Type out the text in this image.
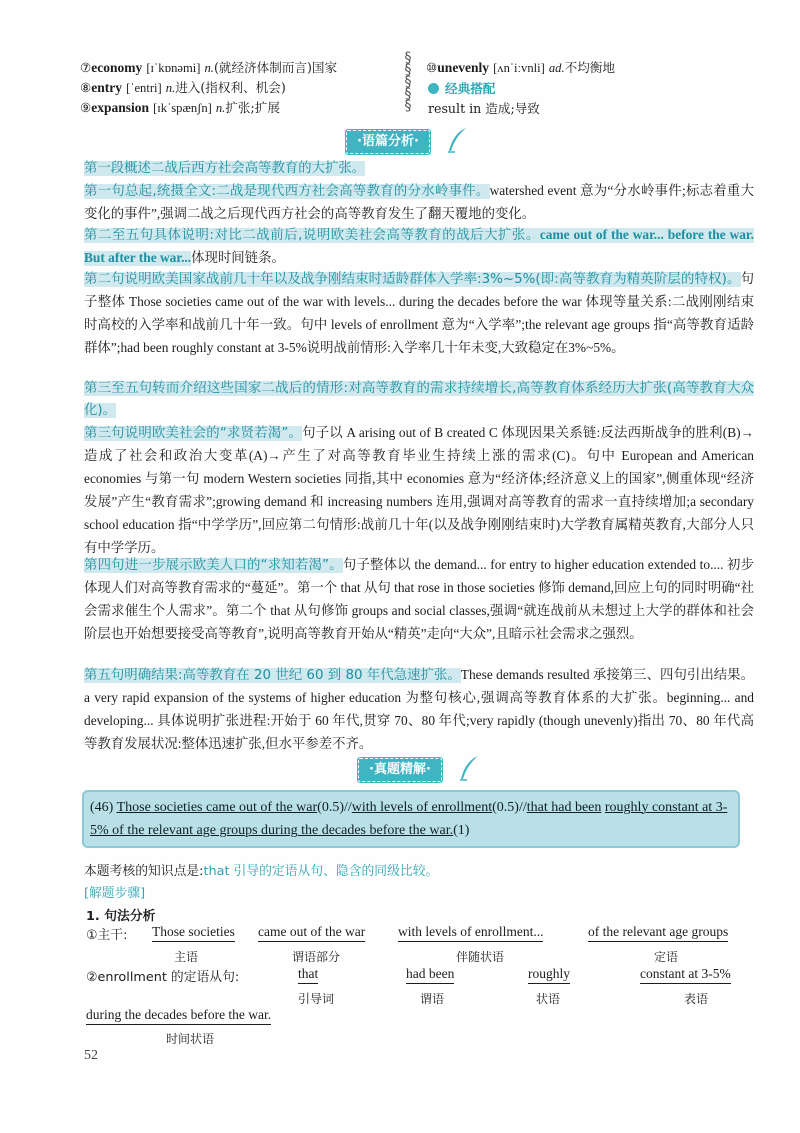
⑦economy [ɪˈkɒnəmi] n.(就经济体制而言)国家
⑧entry [ˈentri] n.进入(指权利、机会)
⑨expansion [ɪkˈspænʃn] n.扩张;扩展
§
§
§
§
§
⑩unevenly [ʌnˈiːvnli] ad.不均衡地
经典搭配
result in 造成;导致
·语篇分析·
第一段概述二战后西方社会高等教育的大扩张。
第一句总起,统摄全文:二战是现代西方社会高等教育的分水岭事件。watershed event 意为“分水岭事件;标志着重大变化的事件”,强调二战之后现代西方社会的高等教育发生了翻天覆地的变化。
第二至五句具体说明:对比二战前后,说明欧美社会高等教育的战后大扩张。came out of the war... before the war. But after the war...体现时间链条。
第二句说明欧美国家战前几十年以及战争刚结束时适龄群体入学率:3%~5%(即:高等教育为精英阶层的特权)。句子整体 Those societies came out of the war with levels... during the decades before the war 体现等量关系:二战刚刚结束时高校的入学率和战前几十年一致。句中 levels of enrollment 意为“入学率”;the relevant age groups 指“高等教育适龄群体”;had been roughly constant at 3-5%说明战前情形:入学率几十年未变,大致稳定在3%~5%。
第三至五句转而介绍这些国家二战后的情形:对高等教育的需求持续增长,高等教育体系经历大扩张(高等教育大众化)。
第三句说明欧美社会的“求贤若渴”。句子以 A arising out of B created C 体现因果关系链:反法西斯战争的胜利(B)→造成了社会和政治大变革(A)→产生了对高等教育毕业生持续上涨的需求(C)。句中 European and American economies 与第一句 modern Western societies 同指,其中 economies 意为“经济体;经济意义上的国家”,侧重体现“经济发展”产生“教育需求”;growing demand 和 increasing numbers 连用,强调对高等教育的需求一直持续增加;a secondary school education 指“中学学历”,回应第二句情形:战前几十年(以及战争刚刚结束时)大学教育属精英教育,大部分人只有中学学历。
第四句进一步展示欧美人口的“求知若渴”。句子整体以 the demand... for entry to higher education extended to.... 初步体现人们对高等教育需求的“蔓延”。第一个 that 从句 that rose in those societies 修饰 demand,回应上句的同时明确“社会需求催生个人需求”。第二个 that 从句修饰 groups and social classes,强调“就连战前从未想过上大学的群体和社会阶层也开始想要接受高等教育”,说明高等教育开始从“精英”走向“大众”,且暗示社会需求之强烈。
第五句明确结果:高等教育在 20 世纪 60 到 80 年代急速扩张。These demands resulted 承接第三、四句引出结果。a very rapid expansion of the systems of higher education 为整句核心,强调高等教育体系的大扩张。beginning... and developing... 具体说明扩张进程:开始于 60 年代,贯穿 70、80 年代;very rapidly (though unevenly)指出 70、80 年代高等教育发展状况:整体迅速扩张,但水平参差不齐。
·真题精解·
(46) Those societies came out of the war(0.5)//with levels of enrollment(0.5)//that had been roughly constant at 3-5% of the relevant age groups during the decades before the war.(1)
本题考核的知识点是:that 引导的定语从句、隐含的同级比较。
[解题步骤]
1. 句法分析
①主干: Those societies
主语
came out of the war
谓语部分
with levels of enrollment...
伴随状语
of the relevant age groups
定语
②enrollment 的定语从句:	that
引导词
had been
谓语
roughly
状语
constant at 3-5%
表语
during the decades before the war.
时间状语
52
